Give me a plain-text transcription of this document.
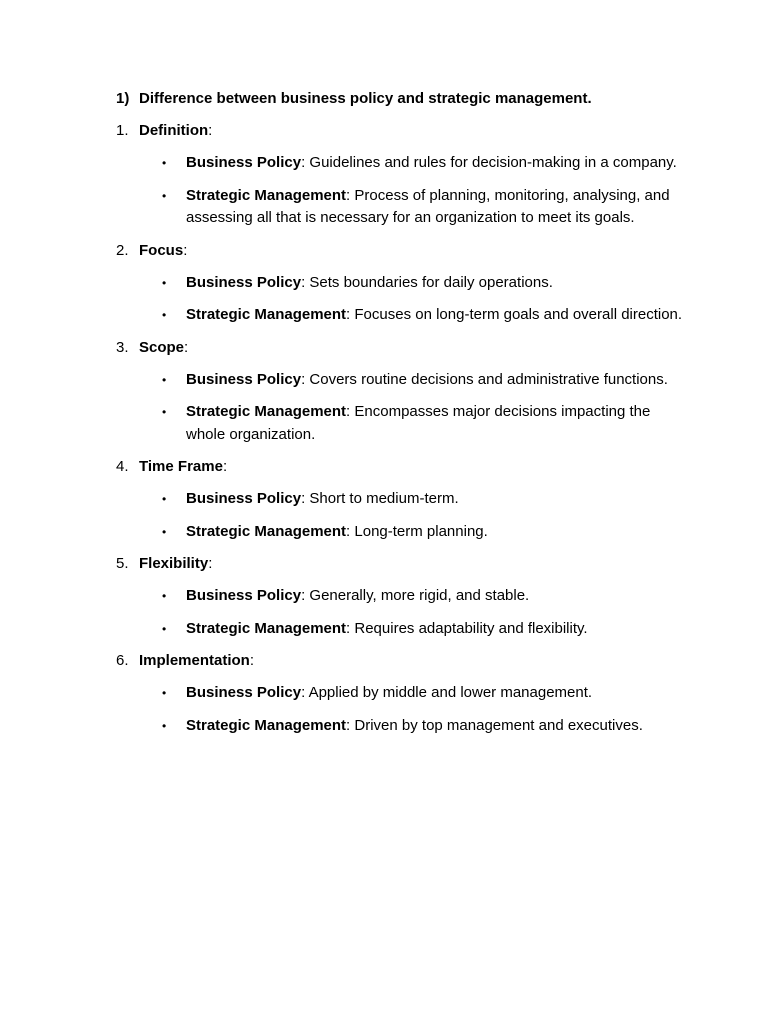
1) Difference between business policy and strategic management.
1. Definition:
• Business Policy: Guidelines and rules for decision-making in a company.
• Strategic Management: Process of planning, monitoring, analysing, and assessing all that is necessary for an organization to meet its goals.
2. Focus:
• Business Policy: Sets boundaries for daily operations.
• Strategic Management: Focuses on long-term goals and overall direction.
3. Scope:
• Business Policy: Covers routine decisions and administrative functions.
• Strategic Management: Encompasses major decisions impacting the whole organization.
4. Time Frame:
• Business Policy: Short to medium-term.
• Strategic Management: Long-term planning.
5. Flexibility:
• Business Policy: Generally, more rigid, and stable.
• Strategic Management: Requires adaptability and flexibility.
6. Implementation:
• Business Policy: Applied by middle and lower management.
• Strategic Management: Driven by top management and executives.
